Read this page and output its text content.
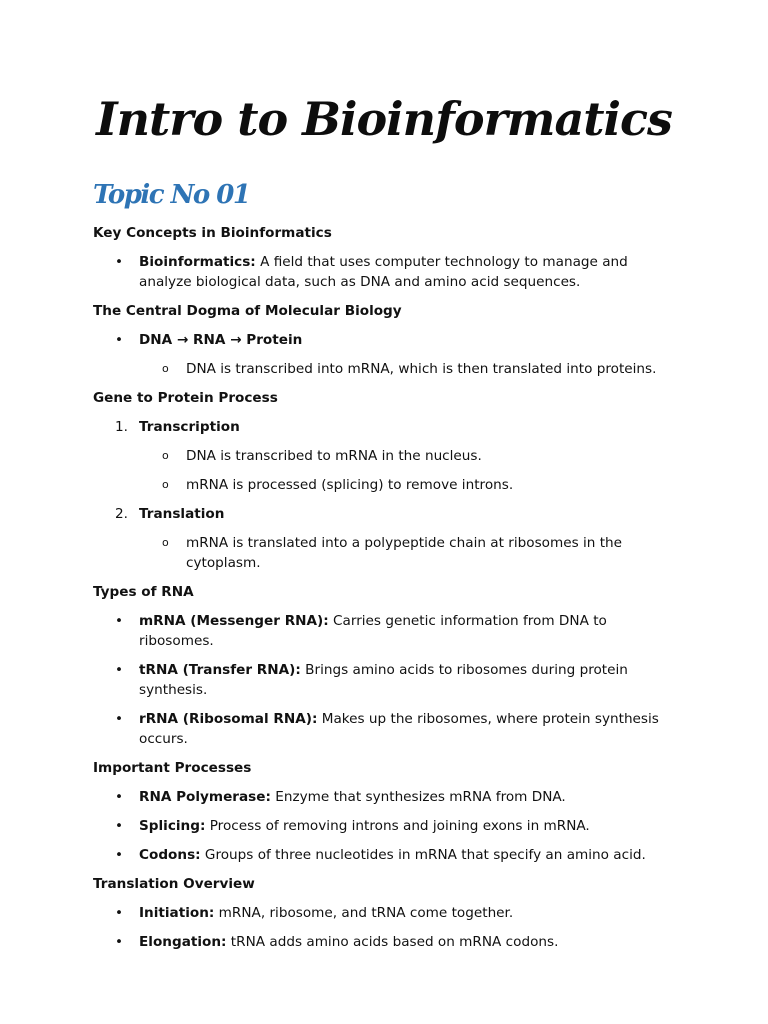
Intro to Bioinformatics
Topic No 01

Key Concepts in Bioinformatics

• Bioinformatics: A field that uses computer technology to manage and analyze biological data, such as DNA and amino acid sequences.

The Central Dogma of Molecular Biology

• DNA → RNA → Protein
o DNA is transcribed into mRNA, which is then translated into proteins.

Gene to Protein Process

1. Transcription
o DNA is transcribed to mRNA in the nucleus.
o mRNA is processed (splicing) to remove introns.
2. Translation
o mRNA is translated into a polypeptide chain at ribosomes in the cytoplasm.

Types of RNA

• mRNA (Messenger RNA): Carries genetic information from DNA to ribosomes.
• tRNA (Transfer RNA): Brings amino acids to ribosomes during protein synthesis.
• rRNA (Ribosomal RNA): Makes up the ribosomes, where protein synthesis occurs.

Important Processes

• RNA Polymerase: Enzyme that synthesizes mRNA from DNA.
• Splicing: Process of removing introns and joining exons in mRNA.
• Codons: Groups of three nucleotides in mRNA that specify an amino acid.

Translation Overview

• Initiation: mRNA, ribosome, and tRNA come together.
• Elongation: tRNA adds amino acids based on mRNA codons.
